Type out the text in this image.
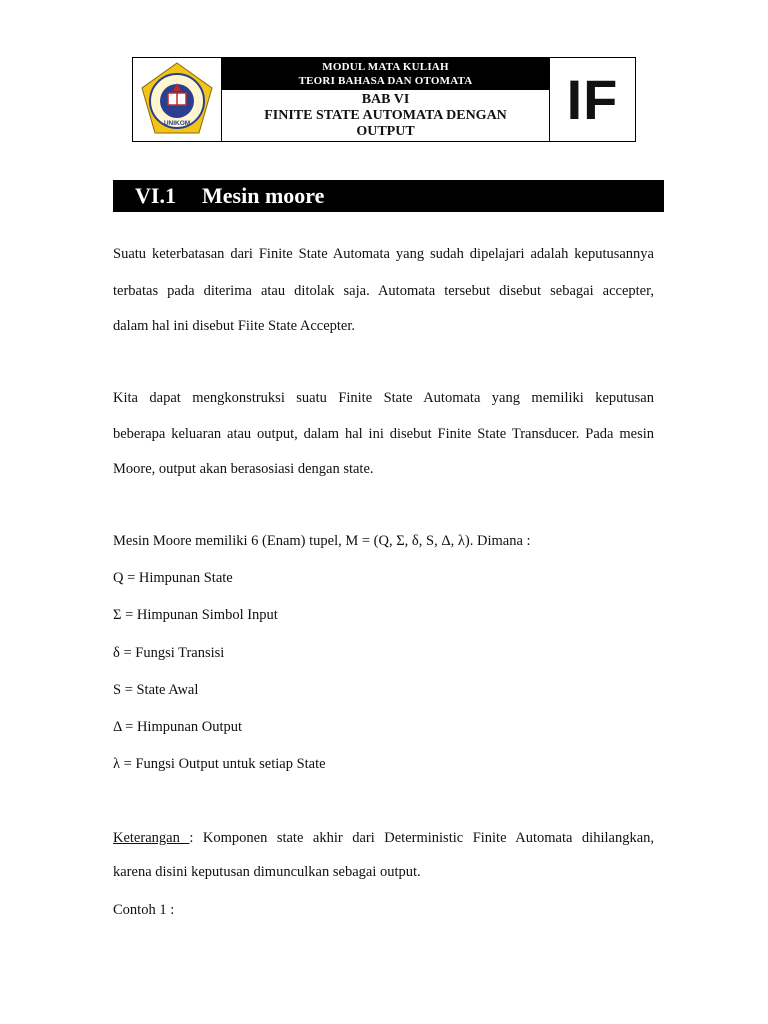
UNIKOM
MODUL MATA KULIAH
TEORI BAHASA DAN OTOMATA
BAB VI
FINITE STATE AUTOMATA DENGAN
OUTPUT	IF
VI.1	Mesin moore
Suatu keterbatasan dari Finite State Automata yang sudah dipelajari adalah keputusannya
terbatas pada diterima atau ditolak saja. Automata tersebut disebut sebagai accepter,
dalam hal ini disebut Fiite State Accepter.
Kita dapat mengkonstruksi suatu Finite State Automata yang memiliki keputusan
beberapa keluaran atau output, dalam hal ini disebut Finite State Transducer. Pada mesin
Moore, output akan berasosiasi dengan state.
Mesin Moore memiliki 6 (Enam) tupel, M = (Q, Σ, δ, S, Δ, λ). Dimana :
Q = Himpunan State
Σ = Himpunan Simbol Input
δ = Fungsi Transisi
S = State Awal
Δ = Himpunan Output
λ = Fungsi Output untuk setiap State
Keterangan : Komponen state akhir dari Deterministic Finite Automata dihilangkan,
karena disini keputusan dimunculkan sebagai output.
Contoh 1 :
